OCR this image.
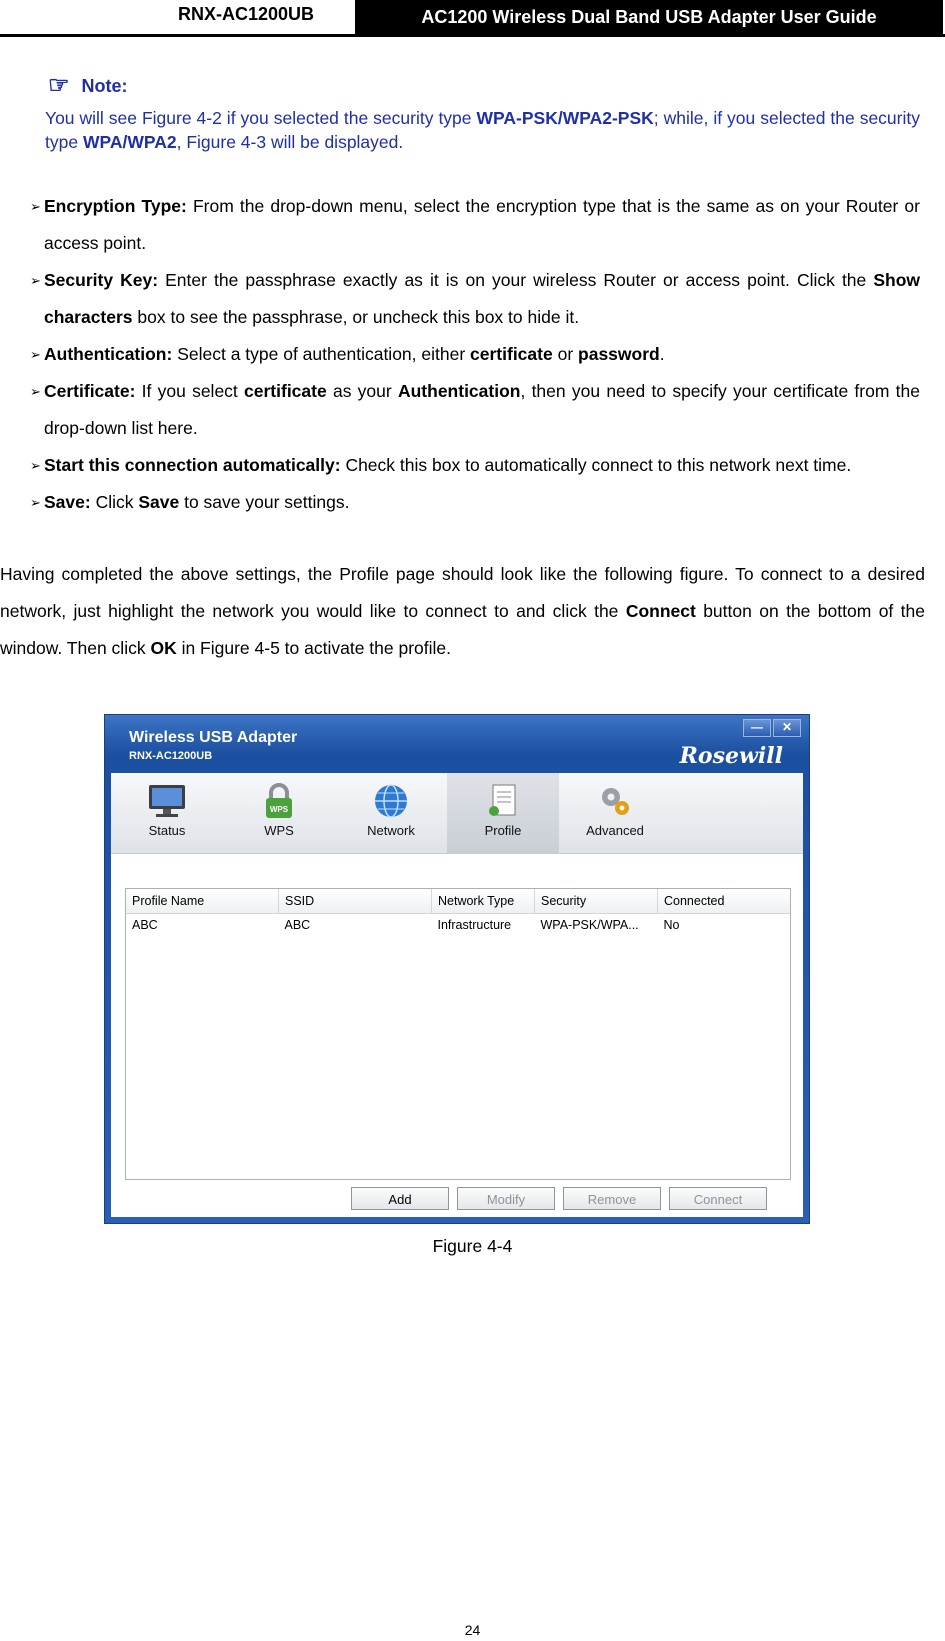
RNX-AC1200UB	AC1200 Wireless Dual Band USB Adapter User Guide
☞ Note:
You will see Figure 4-2 if you selected the security type WPA-PSK/WPA2-PSK; while, if you selected the security type WPA/WPA2, Figure 4-3 will be displayed.
➢ Encryption Type: From the drop-down menu, select the encryption type that is the same as on your Router or access point.
➢ Security Key: Enter the passphrase exactly as it is on your wireless Router or access point. Click the Show characters box to see the passphrase, or uncheck this box to hide it.
➢ Authentication: Select a type of authentication, either certificate or password.
➢ Certificate: If you select certificate as your Authentication, then you need to specify your certificate from the drop-down list here.
➢ Start this connection automatically: Check this box to automatically connect to this network next time.
➢ Save: Click Save to save your settings.
Having completed the above settings, the Profile page should look like the following figure. To connect to a desired network, just highlight the network you would like to connect to and click the Connect button on the bottom of the window. Then click OK in Figure 4-5 to activate the profile.
Wireless USB Adapter
RNX-AC1200UB
—	✕
Rosewill
Status
WPS
WPS	Network	Profile	Advanced
Profile Name	SSID	Network Type	Security	Connected
ABC	ABC	Infrastructure	WPA-PSK/WPA...	No
Add	Modify	Remove	Connect
Figure 4-4
24
